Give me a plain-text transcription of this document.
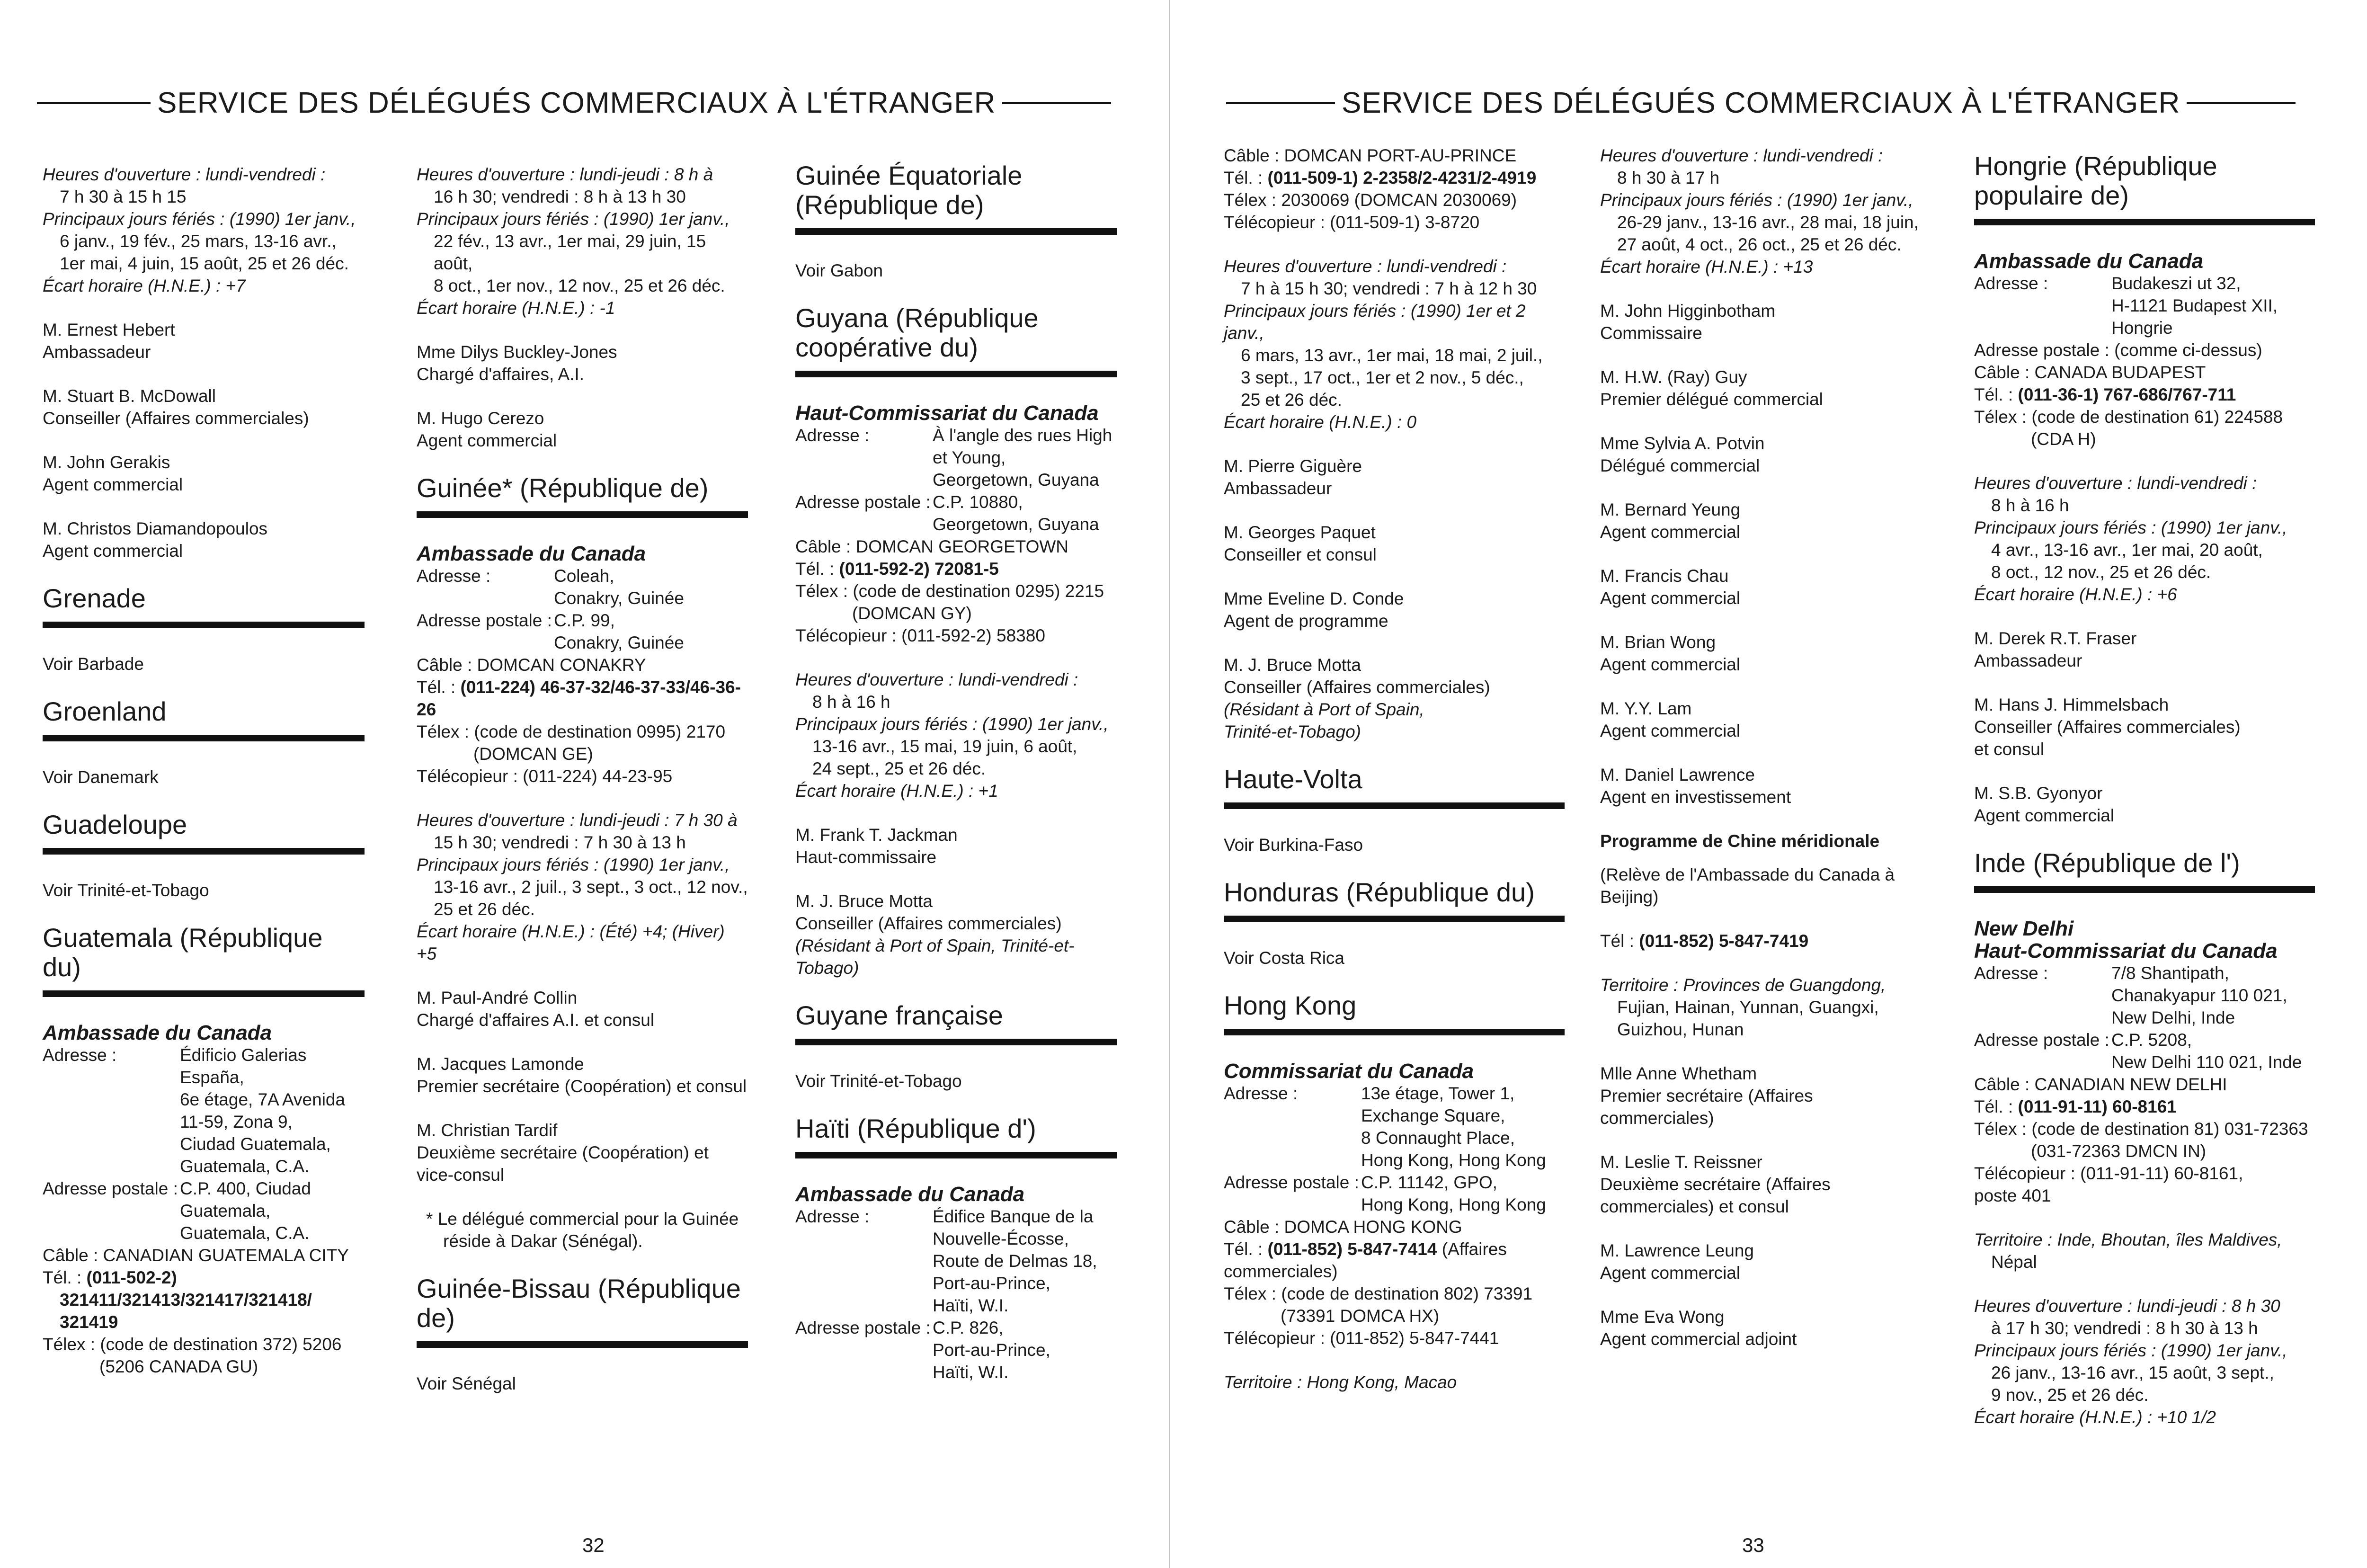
SERVICE DES DÉLÉGUÉS COMMERCIAUX À L'ÉTRANGER	SERVICE DES DÉLÉGUÉS COMMERCIAUX À L'ÉTRANGER

Heures d'ouverture : lundi-vendredi :

7 h 30 à 15 h 15

Principaux jours fériés : (1990) 1er janv.,

6 janv., 19 fév., 25 mars, 13-16 avr.,

1er mai, 4 juin, 15 août, 25 et 26 déc.

Écart horaire (H.N.E.) : +7

M. Ernest Hebert

Ambassadeur

M. Stuart B. McDowall

Conseiller (Affaires commerciales)

M. John Gerakis

Agent commercial

M. Christos Diamandopoulos

Agent commercial

Grenade
Voir Barbade
Groenland
Voir Danemark
Guadeloupe
Voir Trinité-et-Tobago
Guatemala (République du)

Ambassade du Canada

Adresse :	Édificio Galerias

España,

6e étage, 7A Avenida

11-59, Zona 9,

Ciudad Guatemala,

Guatemala, C.A.

Adresse postale : C.P. 400, Ciudad

Guatemala,

Guatemala, C.A.

Câble : CANADIAN GUATEMALA CITY

Tél. : (011-502-2)

321411/321413/321417/321418/

321419

Télex : (code de destination 372) 5206

(5206 CANADA GU)

Heures d'ouverture : lundi-jeudi : 8 h à

16 h 30; vendredi : 8 h à 13 h 30

Principaux jours fériés : (1990) 1er janv.,

22 fév., 13 avr., 1er mai, 29 juin, 15 août,

8 oct., 1er nov., 12 nov., 25 et 26 déc.

Écart horaire (H.N.E.) : -1

Mme Dilys Buckley-Jones

Chargé d'affaires, A.I.

M. Hugo Cerezo

Agent commercial

Guinée* (République de)

Ambassade du Canada

Adresse :	Coleah,

Conakry, Guinée

Adresse postale : C.P. 99,

Conakry, Guinée

Câble : DOMCAN CONAKRY

Tél. : (011-224) 46-37-32/46-37-33/46-36-26

Télex : (code de destination 0995) 2170

(DOMCAN GE)

Télécopieur : (011-224) 44-23-95

Heures d'ouverture : lundi-jeudi : 7 h 30 à

15 h 30; vendredi : 7 h 30 à 13 h

Principaux jours fériés : (1990) 1er janv.,

13-16 avr., 2 juil., 3 sept., 3 oct., 12 nov.,

25 et 26 déc.

Écart horaire (H.N.E.) : (Été) +4; (Hiver) +5

M. Paul-André Collin

Chargé d'affaires A.I. et consul

M. Jacques Lamonde

Premier secrétaire (Coopération) et consul

M. Christian Tardif

Deuxième secrétaire (Coopération) et

vice-consul

* Le délégué commercial pour la Guinée

réside à Dakar (Sénégal).

Guinée-Bissau (République de)
Voir Sénégal
Guinée Équatoriale (République de)
Voir Gabon
Guyana (République coopérative du)

Haut-Commissariat du Canada

Adresse :	À l'angle des rues High

et Young,

Georgetown, Guyana

Adresse postale : C.P. 10880,

Georgetown, Guyana

Câble : DOMCAN GEORGETOWN

Tél. : (011-592-2) 72081-5

Télex : (code de destination 0295) 2215

(DOMCAN GY)

Télécopieur : (011-592-2) 58380

Heures d'ouverture : lundi-vendredi :

8 h à 16 h

Principaux jours fériés : (1990) 1er janv.,

13-16 avr., 15 mai, 19 juin, 6 août,

24 sept., 25 et 26 déc.

Écart horaire (H.N.E.) : +1

M. Frank T. Jackman

Haut-commissaire

M. J. Bruce Motta

Conseiller (Affaires commerciales)

(Résidant à Port of Spain, Trinité-et-

Tobago)

Guyane française
Voir Trinité-et-Tobago
Haïti (République d')

Ambassade du Canada

Adresse :	Édifice Banque de la

Nouvelle-Écosse,

Route de Delmas 18,

Port-au-Prince,

Haïti, W.I.

Adresse postale : C.P. 826,

Port-au-Prince,

Haïti, W.I.

Câble : DOMCAN PORT-AU-PRINCE

Tél. : (011-509-1) 2-2358/2-4231/2-4919

Télex : 2030069 (DOMCAN 2030069)

Télécopieur : (011-509-1) 3-8720

Heures d'ouverture : lundi-vendredi :

7 h à 15 h 30; vendredi : 7 h à 12 h 30

Principaux jours fériés : (1990) 1er et 2 janv.,

6 mars, 13 avr., 1er mai, 18 mai, 2 juil.,

3 sept., 17 oct., 1er et 2 nov., 5 déc.,

25 et 26 déc.

Écart horaire (H.N.E.) : 0

M. Pierre Giguère

Ambassadeur

M. Georges Paquet

Conseiller et consul

Mme Eveline D. Conde

Agent de programme

M. J. Bruce Motta

Conseiller (Affaires commerciales)

(Résidant à Port of Spain,

Trinité-et-Tobago)

Haute-Volta
Voir Burkina-Faso
Honduras (République du)
Voir Costa Rica
Hong Kong

Commissariat du Canada

Adresse :	13e étage, Tower 1,

Exchange Square,

8 Connaught Place,

Hong Kong, Hong Kong

Adresse postale : C.P. 11142, GPO,

Hong Kong, Hong Kong

Câble : DOMCA HONG KONG

Tél. : (011-852) 5-847-7414 (Affaires commerciales)

Télex : (code de destination 802) 73391

(73391 DOMCA HX)

Télécopieur : (011-852) 5-847-7441

Territoire : Hong Kong, Macao

Heures d'ouverture : lundi-vendredi :

8 h 30 à 17 h

Principaux jours fériés : (1990) 1er janv.,

26-29 janv., 13-16 avr., 28 mai, 18 juin,

27 août, 4 oct., 26 oct., 25 et 26 déc.

Écart horaire (H.N.E.) : +13

M. John Higginbotham

Commissaire

M. H.W. (Ray) Guy

Premier délégué commercial

Mme Sylvia A. Potvin

Délégué commercial

M. Bernard Yeung

Agent commercial

M. Francis Chau

Agent commercial

M. Brian Wong

Agent commercial

M. Y.Y. Lam

Agent commercial

M. Daniel Lawrence

Agent en investissement

Programme de Chine méridionale

(Relève de l'Ambassade du Canada à

Beijing)

Tél : (011-852) 5-847-7419

Territoire : Provinces de Guangdong,

Fujian, Hainan, Yunnan, Guangxi,

Guizhou, Hunan

Mlle Anne Whetham

Premier secrétaire (Affaires commerciales)

M. Leslie T. Reissner

Deuxième secrétaire (Affaires

commerciales) et consul

M. Lawrence Leung

Agent commercial

Mme Eva Wong

Agent commercial adjoint

Hongrie (République populaire de)

Ambassade du Canada

Adresse :	Budakeszi ut 32,

H-1121 Budapest XII,

Hongrie

Adresse postale : (comme ci-dessus)

Câble : CANADA BUDAPEST

Tél. : (011-36-1) 767-686/767-711

Télex : (code de destination 61) 224588

(CDA H)

Heures d'ouverture : lundi-vendredi :

8 h à 16 h

Principaux jours fériés : (1990) 1er janv.,

4 avr., 13-16 avr., 1er mai, 20 août,

8 oct., 12 nov., 25 et 26 déc.

Écart horaire (H.N.E.) : +6

M. Derek R.T. Fraser

Ambassadeur

M. Hans J. Himmelsbach

Conseiller (Affaires commerciales)

et consul

M. S.B. Gyonyor

Agent commercial

Inde (République de l')

New Delhi

Haut-Commissariat du Canada

Adresse :	7/8 Shantipath,

Chanakyapur 110 021,

New Delhi, Inde

Adresse postale : C.P. 5208,

New Delhi 110 021, Inde

Câble : CANADIAN NEW DELHI

Tél. : (011-91-11) 60-8161

Télex : (code de destination 81) 031-72363

(031-72363 DMCN IN)

Télécopieur : (011-91-11) 60-8161,

poste 401

Territoire : Inde, Bhoutan, îles Maldives,

Népal

Heures d'ouverture : lundi-jeudi : 8 h 30

à 17 h 30; vendredi : 8 h 30 à 13 h

Principaux jours fériés : (1990) 1er janv.,

26 janv., 13-16 avr., 15 août, 3 sept.,

9 nov., 25 et 26 déc.

Écart horaire (H.N.E.) : +10 1/2

32	33
